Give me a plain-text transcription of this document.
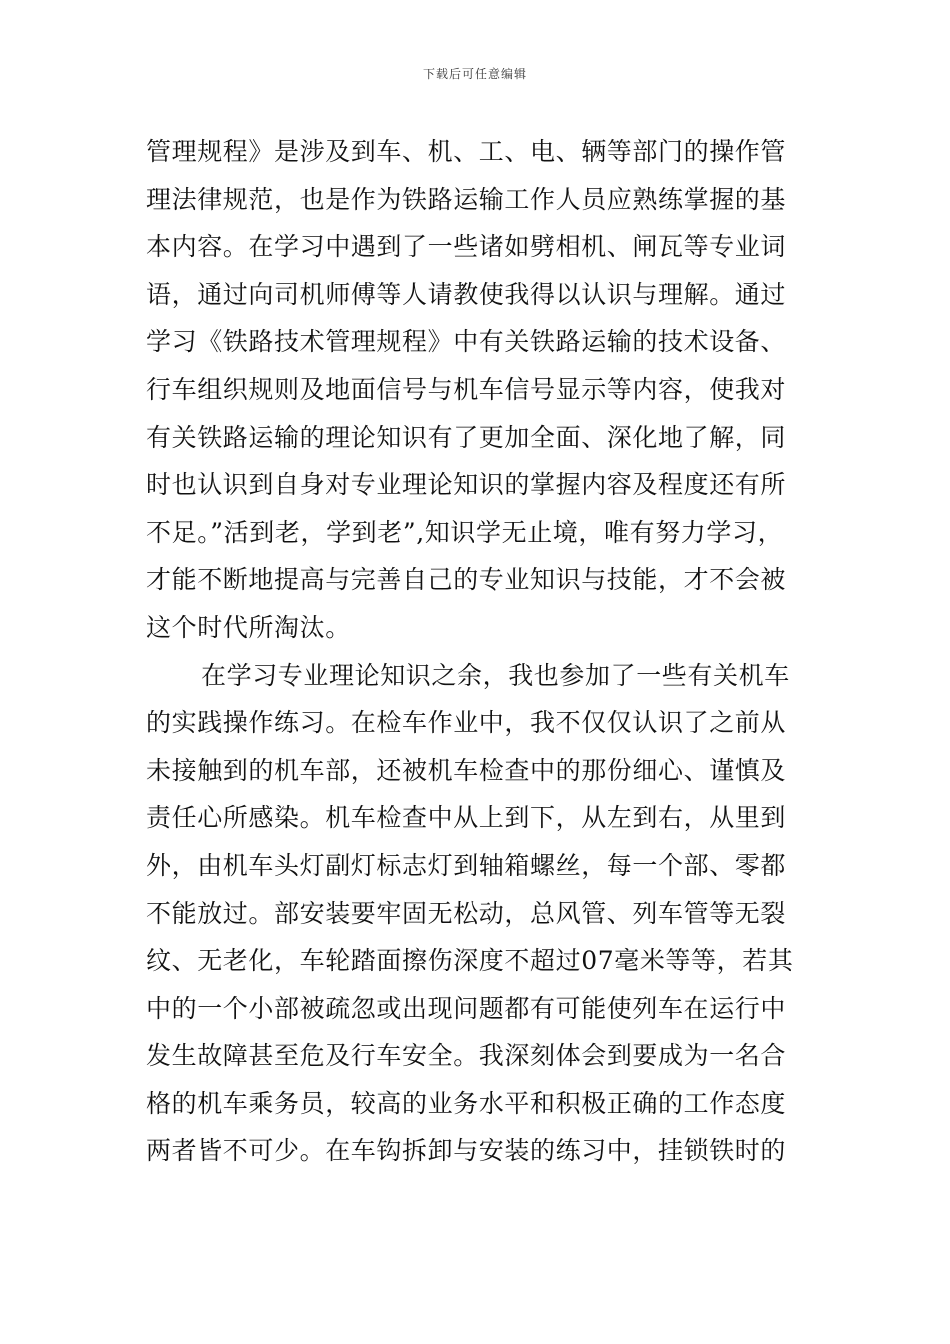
下载后可任意编辑
管理规程》是涉及到车、机、工、电、辆等部门的操作管
理法律规范，也是作为铁路运输工作人员应熟练掌握的基
本内容。在学习中遇到了一些诸如劈相机、闸瓦等专业词
语，通过向司机师傅等人请教使我得以认识与理解。通过
学习《铁路技术管理规程》中有关铁路运输的技术设备、
行车组织规则及地面信号与机车信号显示等内容，使我对
有关铁路运输的理论知识有了更加全面、深化地了解，同
时也认识到自身对专业理论知识的掌握内容及程度还有所
不足。”活到老，学到老”,知识学无止境，唯有努力学习，
才能不断地提高与完善自己的专业知识与技能，才不会被
这个时代所淘汰。
在学习专业理论知识之余，我也参加了一些有关机车
的实践操作练习。在检车作业中，我不仅仅认识了之前从
未接触到的机车部，还被机车检查中的那份细心、谨慎及
责任心所感染。机车检查中从上到下，从左到右，从里到
外，由机车头灯副灯标志灯到轴箱螺丝，每一个部、零都
不能放过。部安装要牢固无松动，总风管、列车管等无裂
纹、无老化，车轮踏面擦伤深度不超过07毫米等等，若其
中的一个小部被疏忽或出现问题都有可能使列车在运行中
发生故障甚至危及行车安全。我深刻体会到要成为一名合
格的机车乘务员，较高的业务水平和积极正确的工作态度
两者皆不可少。在车钩拆卸与安装的练习中，挂锁铁时的
